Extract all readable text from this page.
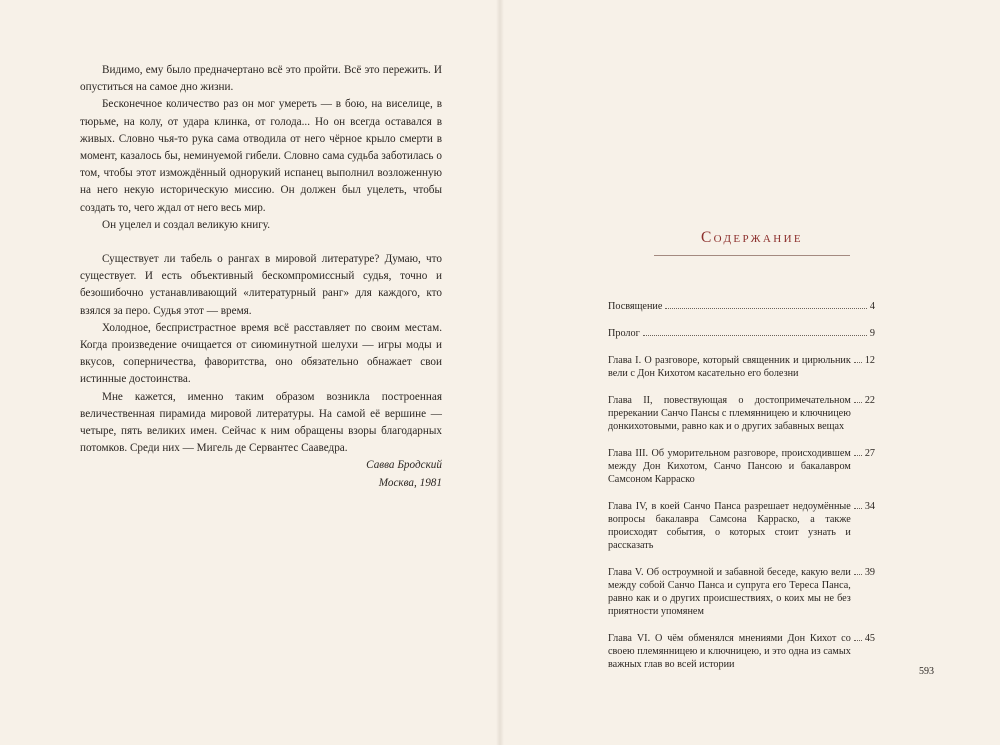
Видимо, ему было предначертано всё это пройти. Всё это пережить. И опуститься на самое дно жизни.

Бесконечное количество раз он мог умереть — в бою, на виселице, в тюрьме, на колу, от удара клинка, от голода... Но он всегда оставался в живых. Словно чья-то рука сама отводила от него чёрное крыло смерти в момент, казалось бы, неминуемой гибели. Словно сама судьба заботилась о том, чтобы этот измождённый однорукий испанец выполнил возложенную на него некую историческую миссию. Он должен был уцелеть, чтобы создать то, чего ждал от него весь мир.

Он уцелел и создал великую книгу.

Существует ли табель о рангах в мировой литературе? Думаю, что существует. И есть объективный бескомпромиссный судья, точно и безошибочно устанавливающий «литературный ранг» для каждого, кто взялся за перо. Судья этот — время.

Холодное, беспристрастное время всё расставляет по своим местам. Когда произведение очищается от сиюминутной шелухи — игры моды и вкусов, соперничества, фаворитства, оно обязательно обнажает свои истинные достоинства.

Мне кажется, именно таким образом возникла построенная величественная пирамида мировой литературы. На самой её вершине — четыре, пять великих имен. Сейчас к ним обращены взоры благодарных потомков. Среди них — Мигель де Сервантес Сааведра.

Савва Бродский

Москва, 1981

Содержание
Посвящение	4
Пролог	9
Глава I. О разговоре, который священник и цирюльник вели с Дон Кихотом касательно его болезни
12
Глава II, повествующая о достопримечательном пререкании Санчо Пансы с племянницею и ключницею донкихотовыми, равно как и о других забавных вещах
22
Глава III. Об уморительном разговоре, происходившем между Дон Кихотом, Санчо Пансою и бакалавром Самсоном Карраско
27
Глава IV, в коей Санчо Панса разрешает недоумённые вопросы бакалавра Самсона Карраско, а также происходят события, о которых стоит узнать и рассказать
34
Глава V. Об остроумной и забавной беседе, какую вели между собой Санчо Панса и супруга его Тереса Панса, равно как и о других происшествиях, о коих мы не без приятности упомянем
39
Глава VI. О чём обменялся мнениями Дон Кихот со своею племянницею и ключницею, и это одна из самых важных глав во всей истории
45
593
